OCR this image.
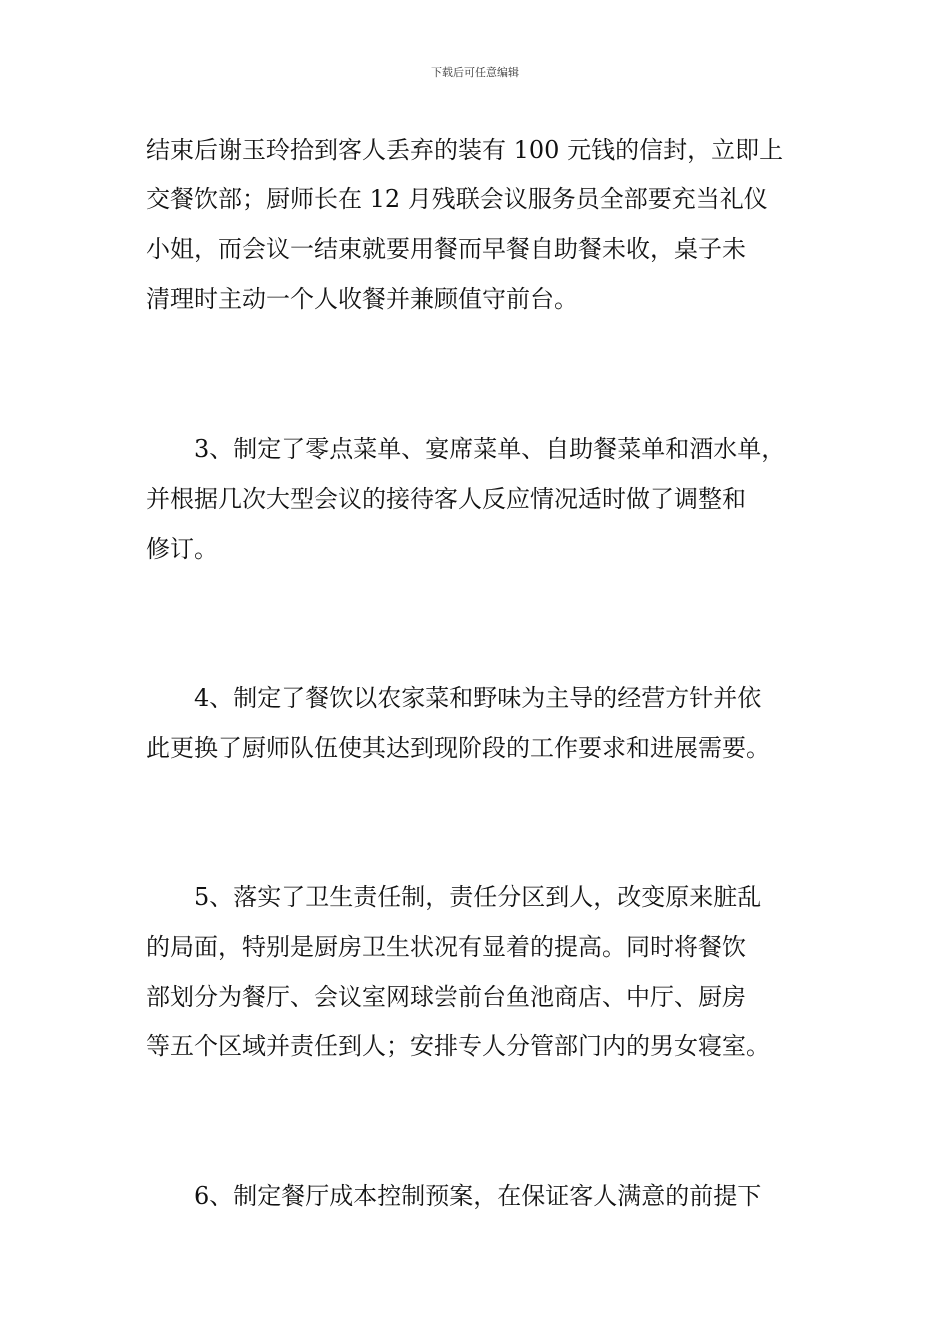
下载后可任意编辑
结束后谢玉玲拾到客人丢弃的装有 100 元钱的信封，立即上
交餐饮部；厨师长在 12 月残联会议服务员全部要充当礼仪
小姐，而会议一结束就要用餐而早餐自助餐未收，桌子未
清理时主动一个人收餐并兼顾值守前台。
　　3、制定了零点菜单、宴席菜单、自助餐菜单和酒水单，
并根据几次大型会议的接待客人反应情况适时做了调整和
修订。
　　4、制定了餐饮以农家菜和野味为主导的经营方针并依
此更换了厨师队伍使其达到现阶段的工作要求和进展需要。
　　5、落实了卫生责任制，责任分区到人，改变原来脏乱
的局面，特别是厨房卫生状况有显着的提高。同时将餐饮
部划分为餐厅、会议室网球尝前台鱼池商店、中厅、厨房
等五个区域并责任到人；安排专人分管部门内的男女寝室。
　　6、制定餐厅成本控制预案，在保证客人满意的前提下
